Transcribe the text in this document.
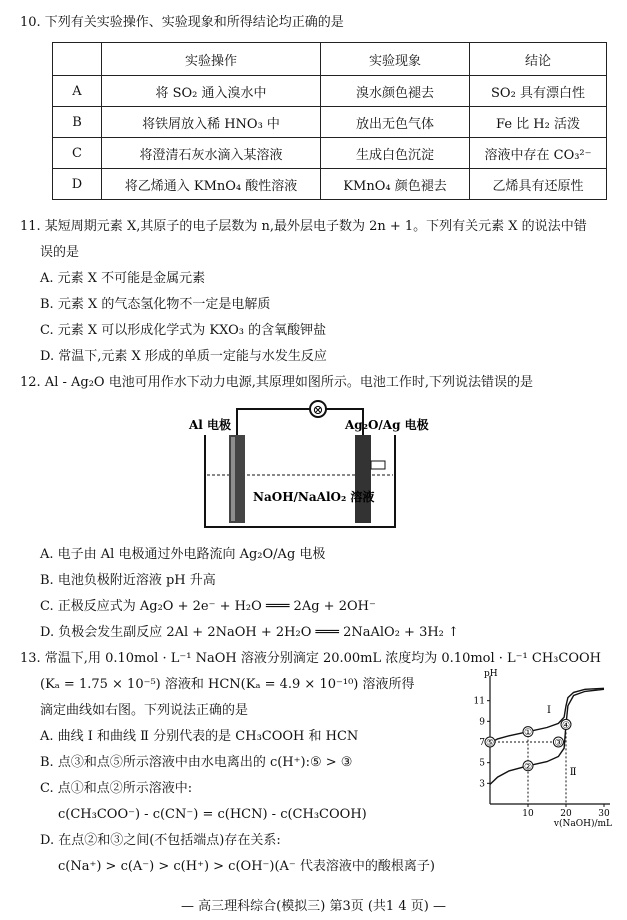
10. 下列有关实验操作、实验现象和所得结论均正确的是
	实验操作	实验现象	结论
A	将 SO₂ 通入溴水中	溴水颜色褪去	SO₂ 具有漂白性
B	将铁屑放入稀 HNO₃ 中	放出无色气体	Fe 比 H₂ 活泼
C	将澄清石灰水滴入某溶液	生成白色沉淀	溶液中存在 CO₃²⁻
D	将乙烯通入 KMnO₄ 酸性溶液	KMnO₄ 颜色褪去	乙烯具有还原性
11. 某短周期元素 X,其原子的电子层数为 n,最外层电子数为 2n + 1。下列有关元素 X 的说法中错
误的是
A. 元素 X 不可能是金属元素
B. 元素 X 的气态氢化物不一定是电解质
C. 元素 X 可以形成化学式为 KXO₃ 的含氧酸钾盐
D. 常温下,元素 X 形成的单质一定能与水发生反应
12. Al - Ag₂O 电池可用作水下动力电源,其原理如图所示。电池工作时,下列说法错误的是
⊗
Al 电极	Ag₂O/Ag 电极
NaOH/NaAlO₂ 溶液
A. 电子由 Al 电极通过外电路流向 Ag₂O/Ag 电极
B. 电池负极附近溶液 pH 升高
C. 正极反应式为 Ag₂O + 2e⁻ + H₂O ═══ 2Ag + 2OH⁻
D. 负极会发生副反应 2Al + 2NaOH + 2H₂O ═══ 2NaAlO₂ + 3H₂ ↑
13. 常温下,用 0.10mol · L⁻¹ NaOH 溶液分别滴定 20.00mL 浓度均为 0.10mol · L⁻¹ CH₃COOH
(Kₐ = 1.75 × 10⁻⁵) 溶液和 HCN(Kₐ = 4.9 × 10⁻¹⁰) 溶液所得
滴定曲线如右图。下列说法正确的是
A. 曲线 Ⅰ 和曲线 Ⅱ 分别代表的是 CH₃COOH 和 HCN
B. 点③和点⑤所示溶液中由水电离出的 c(H⁺):⑤ > ③
C. 点①和点②所示溶液中:
c(CH₃COO⁻) - c(CN⁻) = c(HCN) - c(CH₃COOH)
D. 在点②和③之间(不包括端点)存在关系:
c(Na⁺) > c(A⁻) > c(H⁺) > c(OH⁻)(A⁻ 代表溶液中的酸根离子)
3
5
7
9
11
10	20	30
pH
v(NaOH)/mL
Ⅰ
Ⅱ
①
②
③
④
⑤
— 高三理科综合(模拟三) 第3页 (共1 4 页) —
